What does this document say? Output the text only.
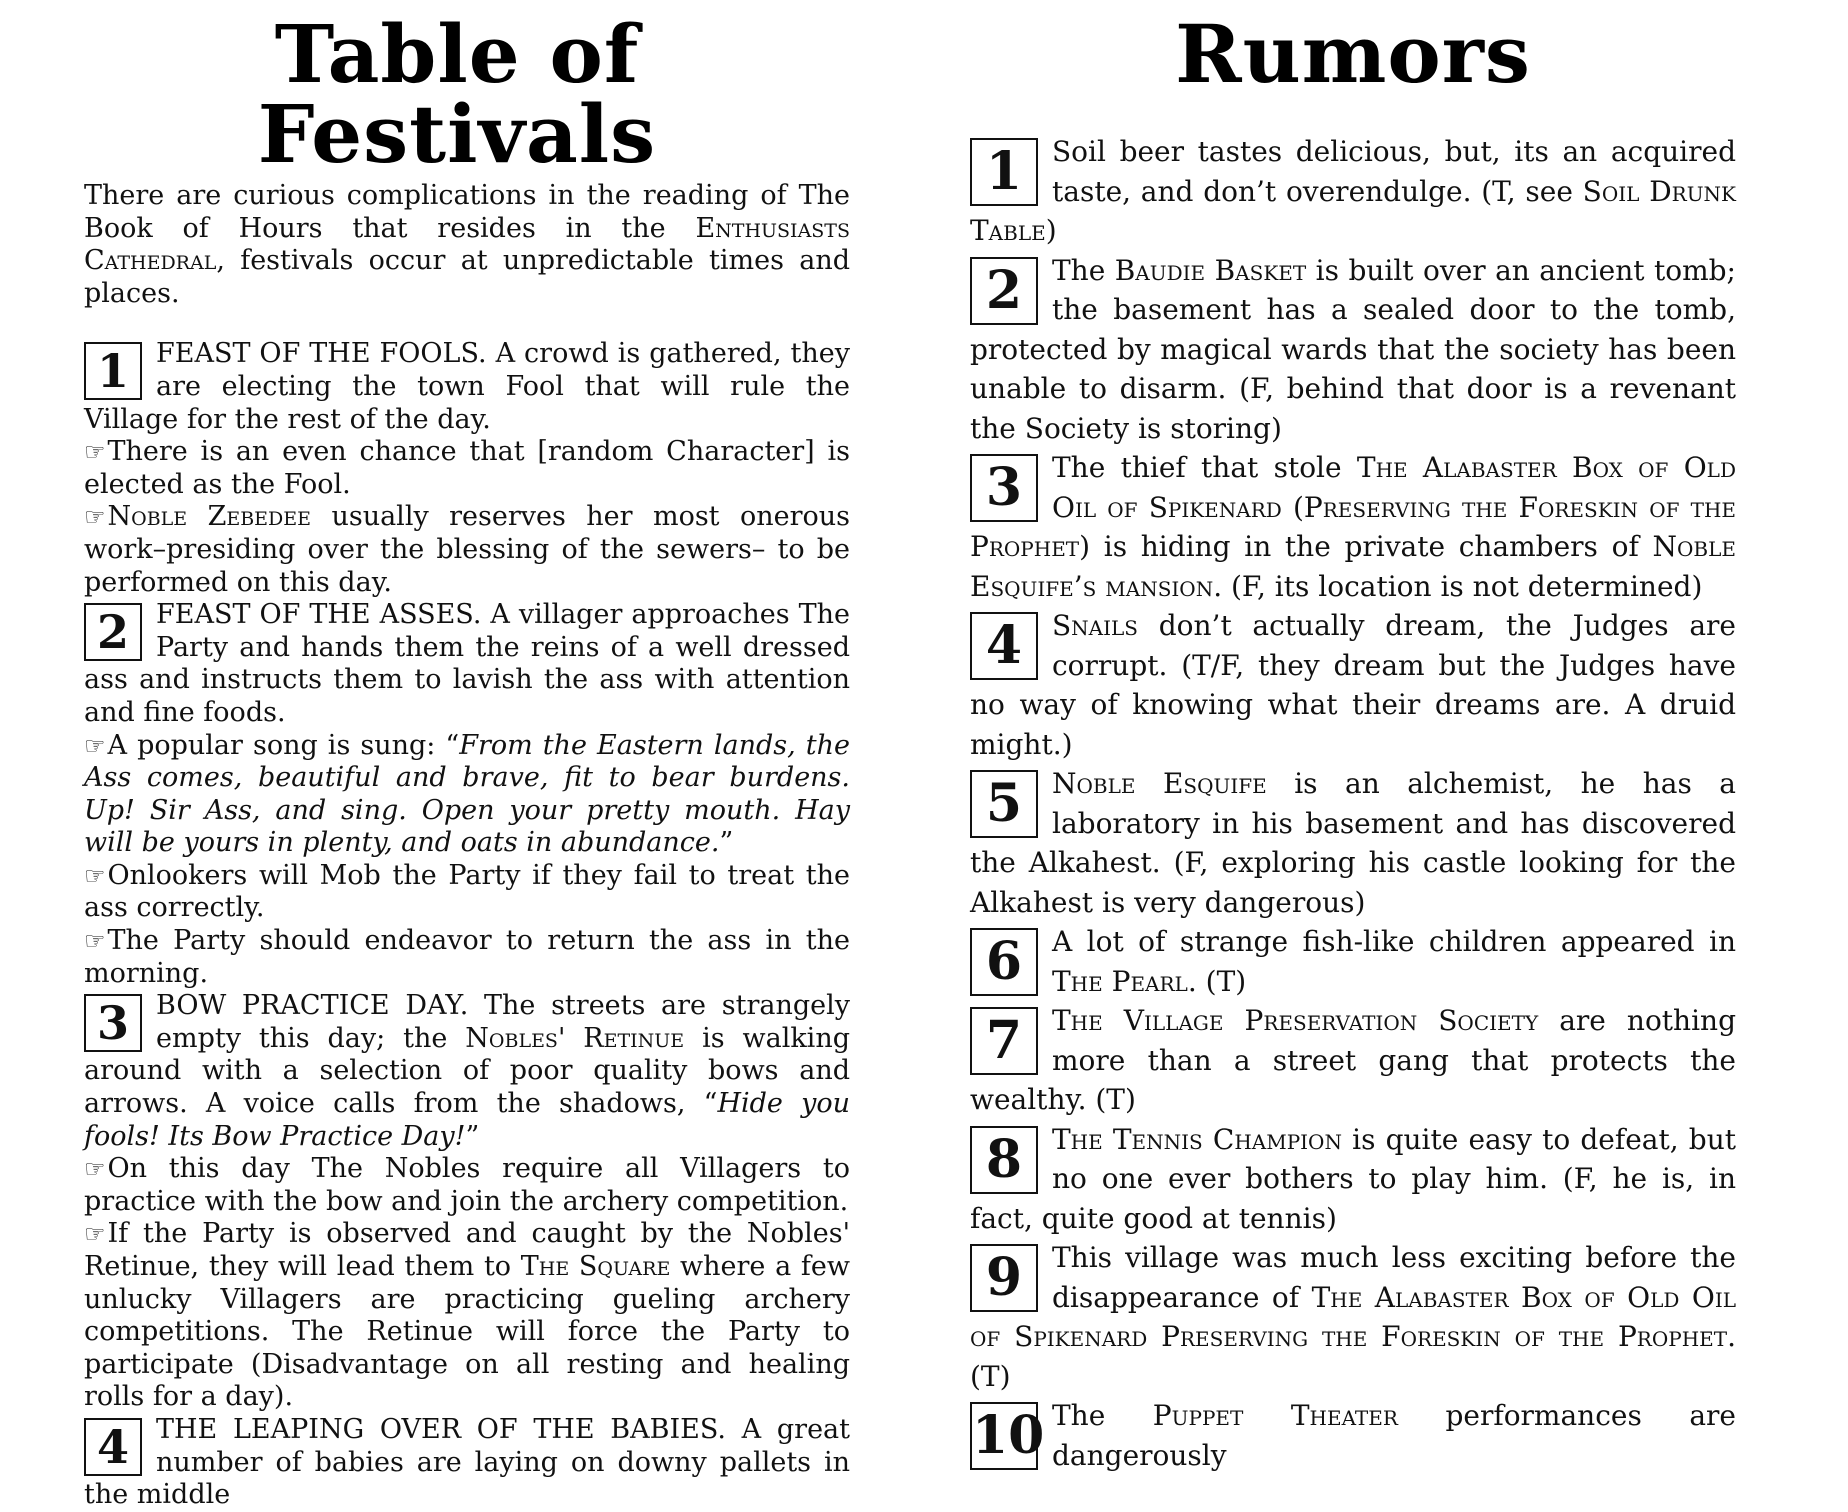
Table of Festivals

There are curious complications in the reading of The Book of Hours that resides in the Enthusiasts Cathedral, festivals occur at unpredictable times and places.

1	FEAST OF THE FOOLS. A crowd is gathered, they are electing the town Fool that will rule the Village for the rest of the day.

☞There is an even chance that [random Character] is elected as the Fool.

☞Noble Zebedee usually reserves her most onerous work–presiding over the blessing of the sewers– to be performed on this day.

2	FEAST OF THE ASSES. A villager approaches The Party and hands them the reins of a well dressed ass and instructs them to lavish the ass with attention and fine foods.

☞A popular song is sung: “From the Eastern lands, the Ass comes, beautiful and brave, fit to bear burdens. Up! Sir Ass, and sing. Open your pretty mouth. Hay will be yours in plenty, and oats in abundance.”

☞Onlookers will Mob the Party if they fail to treat the ass correctly.

☞The Party should endeavor to return the ass in the morning.

3	BOW PRACTICE DAY. The streets are strangely empty this day; the Nobles' Retinue is walking around with a selection of poor quality bows and arrows. A voice calls from the shadows, “Hide you fools! Its Bow Practice Day!”

☞On this day The Nobles require all Villagers to practice with the bow and join the archery competition.

☞If the Party is observed and caught by the Nobles' Retinue, they will lead them to The Square where a few unlucky Villagers are practicing gueling archery competitions. The Retinue will force the Party to participate (Disadvantage on all resting and healing rolls for a day).

4	THE LEAPING OVER OF THE BABIES. A great number of babies are laying on downy pallets in the middle
Rumors
1	Soil beer tastes delicious, but, its an acquired taste, and don’t overendulge. (T, see Soil Drunk Table)
2	The Baudie Basket is built over an ancient tomb; the basement has a sealed door to the tomb, protected by magical wards that the society has been unable to disarm. (F, behind that door is a revenant the Society is storing)
3	The thief that stole The Alabaster Box of Old Oil of Spikenard (Preserving the Foreskin of the Prophet) is hiding in the private chambers of Noble Esquife’s mansion. (F, its location is not determined)
4	Snails don’t actually dream, the Judges are corrupt. (T/F, they dream but the Judges have no way of knowing what their dreams are. A druid might.)
5	Noble Esquife is an alchemist, he has a laboratory in his basement and has discovered the Alkahest. (F, exploring his castle looking for the Alkahest is very dangerous)
6	A lot of strange fish-like children appeared in The Pearl. (T)
7	The Village Preservation Society are nothing more than a street gang that protects the wealthy. (T)
8	The Tennis Champion is quite easy to defeat, but no one ever bothers to play him. (F, he is, in fact, quite good at tennis)
9	This village was much less exciting before the disappearance of The Alabaster Box of Old Oil of Spikenard Preserving the Foreskin of the Prophet. (T)
10 The Puppet Theater performances are dangerously
